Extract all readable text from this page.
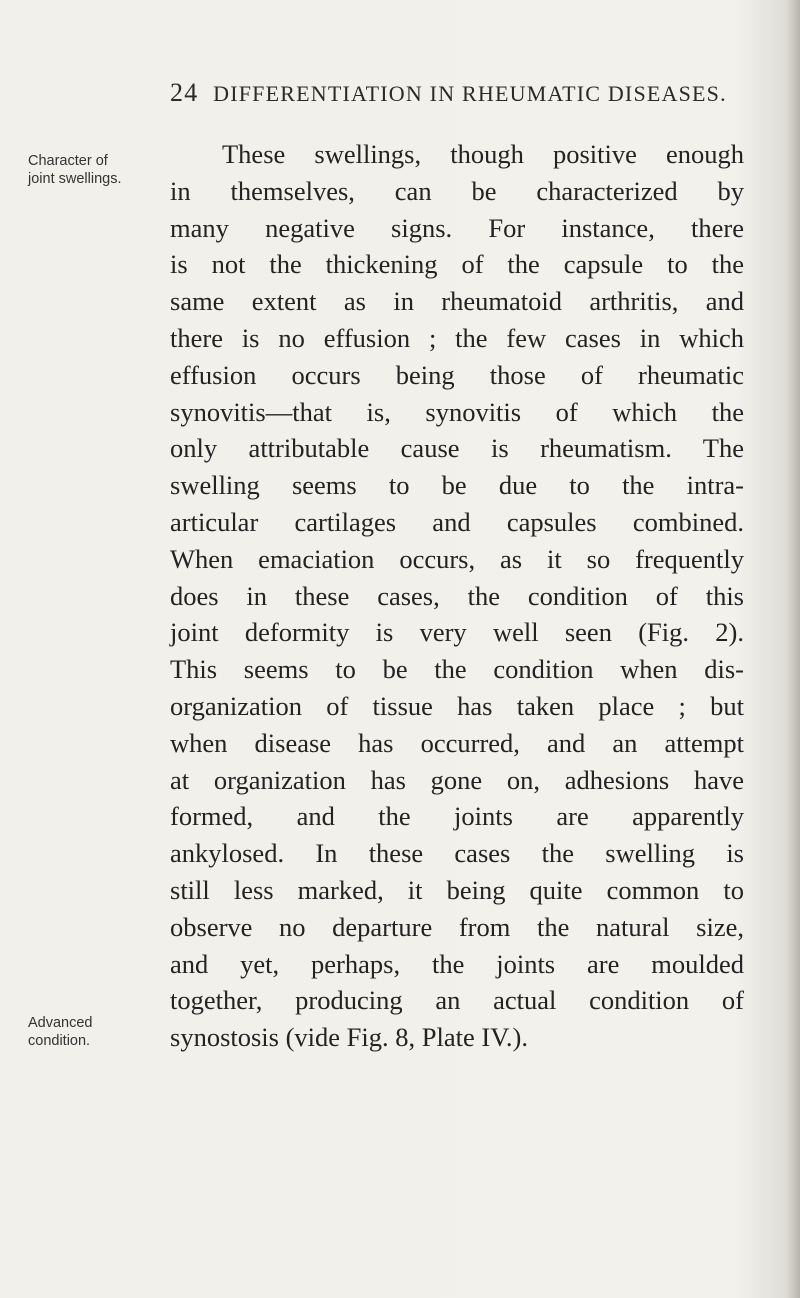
24 DIFFERENTIATION IN RHEUMATIC DISEASES.
Character of joint swellings.
Advanced condition.
These swellings, though positive enough
in themselves, can be characterized by
many negative signs. For instance, there
is not the thickening of the capsule to the
same extent as in rheumatoid arthritis, and
there is no effusion ; the few cases in which
effusion occurs being those of rheumatic
synovitis—that is, synovitis of which the
only attributable cause is rheumatism. The
swelling seems to be due to the intra-
articular cartilages and capsules combined.
When emaciation occurs, as it so frequently
does in these cases, the condition of this
joint deformity is very well seen (Fig. 2).
This seems to be the condition when dis-
organization of tissue has taken place ; but
when disease has occurred, and an attempt
at organization has gone on, adhesions have
formed, and the joints are apparently
ankylosed. In these cases the swelling is
still less marked, it being quite common to
observe no departure from the natural size,
and yet, perhaps, the joints are moulded
together, producing an actual condition of
synostosis (vide Fig. 8, Plate IV.).
